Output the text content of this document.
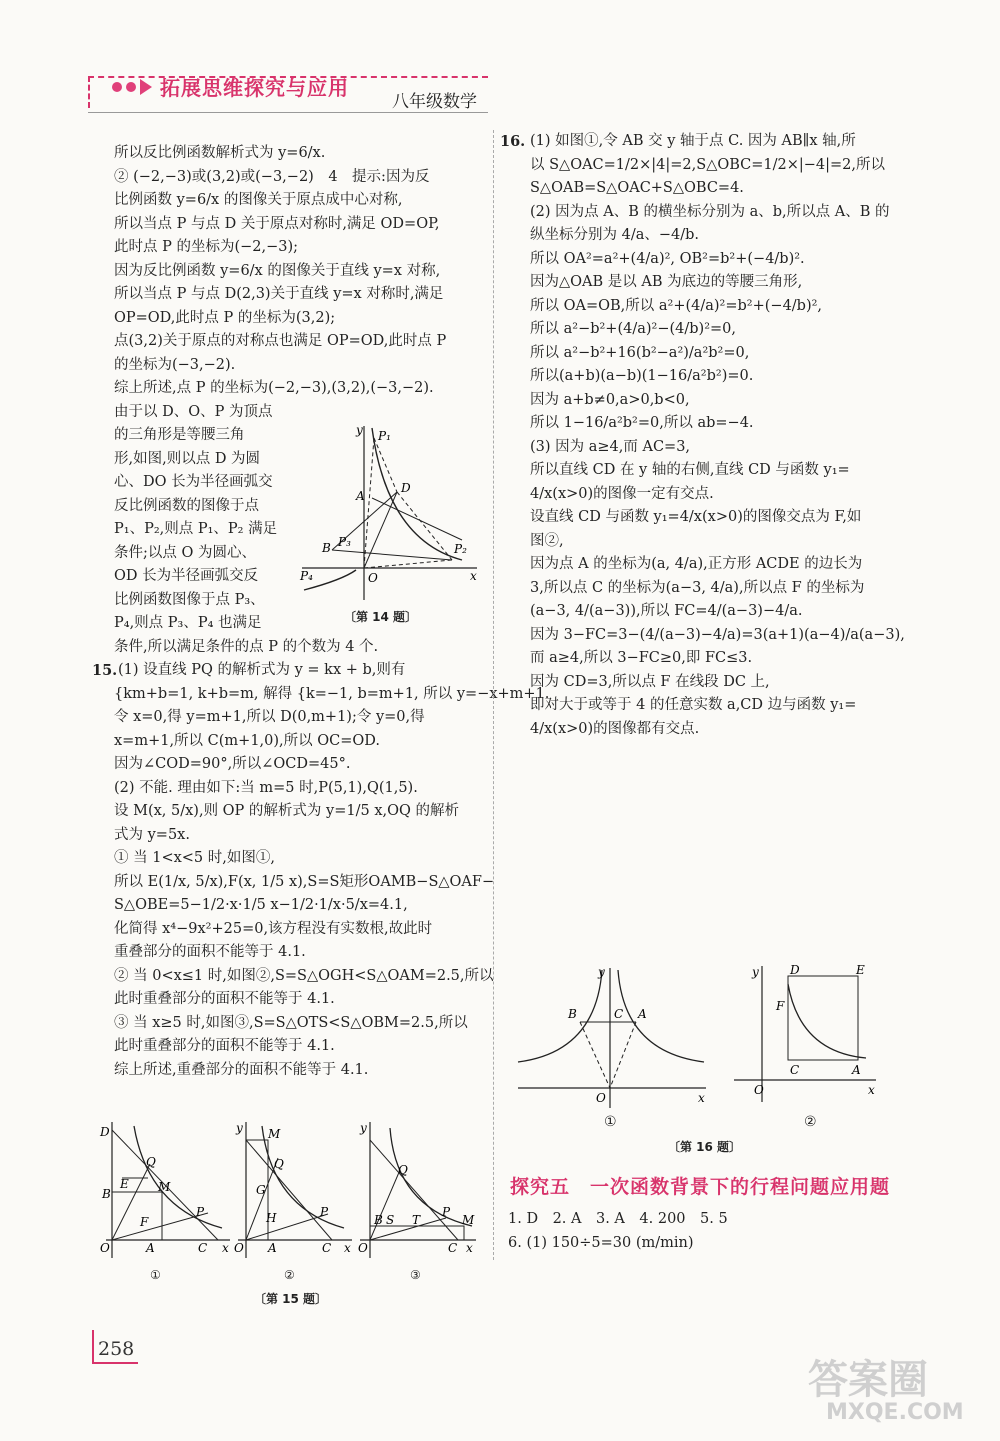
拓展思维探究与应用
八年级数学

所以反比例函数解析式为 y=6/x.

② (−2,−3)或(3,2)或(−3,−2)　4　提示:因为反

比例函数 y=6/x 的图像关于原点成中心对称,

所以当点 P 与点 D 关于原点对称时,满足 OD=OP,

此时点 P 的坐标为(−2,−3);

因为反比例函数 y=6/x 的图像关于直线 y=x 对称,

所以当点 P 与点 D(2,3)关于直线 y=x 对称时,满足

OP=OD,此时点 P 的坐标为(3,2);

点(3,2)关于原点的对称点也满足 OP=OD,此时点 P

的坐标为(−3,−2).

综上所述,点 P 的坐标为(−2,−3),(3,2),(−3,−2).

由于以 D、O、P 为顶点

的三角形是等腰三角

形,如图,则以点 D 为圆

心、DO 长为半径画弧交

反比例函数的图像于点

P₁、P₂,则点 P₁、P₂ 满足

条件;以点 O 为圆心、

OD 长为半径画弧交反

比例函数图像于点 P₃、

P₄,则点 P₃、P₄ 也满足

条件,所以满足条件的点 P 的个数为 4 个.

15. (1) 设直线 PQ 的解析式为 y = kx + b,则有

{km+b=1, k+b=m, 解得 {k=−1, b=m+1, 所以 y=−x+m+1.

令 x=0,得 y=m+1,所以 D(0,m+1);令 y=0,得

x=m+1,所以 C(m+1,0),所以 OC=OD.

因为∠COD=90°,所以∠OCD=45°.

(2) 不能. 理由如下:当 m=5 时,P(5,1),Q(1,5).

设 M(x, 5/x),则 OP 的解析式为 y=1/5 x,OQ 的解析

式为 y=5x.

① 当 1<x<5 时,如图①,

所以 E(1/x, 5/x),F(x, 1/5 x),S=S矩形OAMB−S△OAF−

S△OBE=5−1/2·x·1/5 x−1/2·1/x·5/x=4.1,

化简得 x⁴−9x²+25=0,该方程没有实数根,故此时

重叠部分的面积不能等于 4.1.

② 当 0<x≤1 时,如图②,S=S△OGH<S△OAM=2.5,所以

此时重叠部分的面积不能等于 4.1.

③ 当 x≥5 时,如图③,S=S△OTS<S△OBM=2.5,所以

此时重叠部分的面积不能等于 4.1.

综上所述,重叠部分的面积不能等于 4.1.

y P₁
D
A
B	P₂
O	x
P₄
P₃
〔第 14 题〕
D
Q
M
E
B
F
P
O	A	C x
y M
Q
G
H	P
O A	C x
y
Q
P
B S T	M
O	C x
①	②	③
〔第 15 题〕

16. (1) 如图①,令 AB 交 y 轴于点 C. 因为 AB∥x 轴,所

以 S△OAC=1/2×|4|=2,S△OBC=1/2×|−4|=2,所以

S△OAB=S△OAC+S△OBC=4.

(2) 因为点 A、B 的横坐标分别为 a、b,所以点 A、B 的

纵坐标分别为 4/a、−4/b.

所以 OA²=a²+(4/a)², OB²=b²+(−4/b)².

因为△OAB 是以 AB 为底边的等腰三角形,

所以 OA=OB,所以 a²+(4/a)²=b²+(−4/b)²,

所以 a²−b²+(4/a)²−(4/b)²=0,

所以 a²−b²+16(b²−a²)/a²b²=0,

所以(a+b)(a−b)(1−16/a²b²)=0.

因为 a+b≠0,a>0,b<0,

所以 1−16/a²b²=0,所以 ab=−4.

(3) 因为 a≥4,而 AC=3,

所以直线 CD 在 y 轴的右侧,直线 CD 与函数 y₁=

4/x(x>0)的图像一定有交点.

设直线 CD 与函数 y₁=4/x(x>0)的图像交点为 F,如

图②,

因为点 A 的坐标为(a, 4/a),正方形 ACDE 的边长为

3,所以点 C 的坐标为(a−3, 4/a),所以点 F 的坐标为

(a−3, 4/(a−3)),所以 FC=4/(a−3)−4/a.

因为 3−FC=3−(4/(a−3)−4/a)=3(a+1)(a−4)/a(a−3),

而 a≥4,所以 3−FC≥0,即 FC≤3.

因为 CD=3,所以点 F 在线段 DC 上,

即对大于或等于 4 的任意实数 a,CD 边与函数 y₁=

4/x(x>0)的图像都有交点.

y
B	C A
O	x
y	D	E
F
C	A
O	x
①	②
〔第 16 题〕
探究五　一次函数背景下的行程问题应用题

1. D　2. A　3. A　4. 200　5. 5

6. (1) 150÷5=30 (m/min)

258
答案圈
MXQE.COM
